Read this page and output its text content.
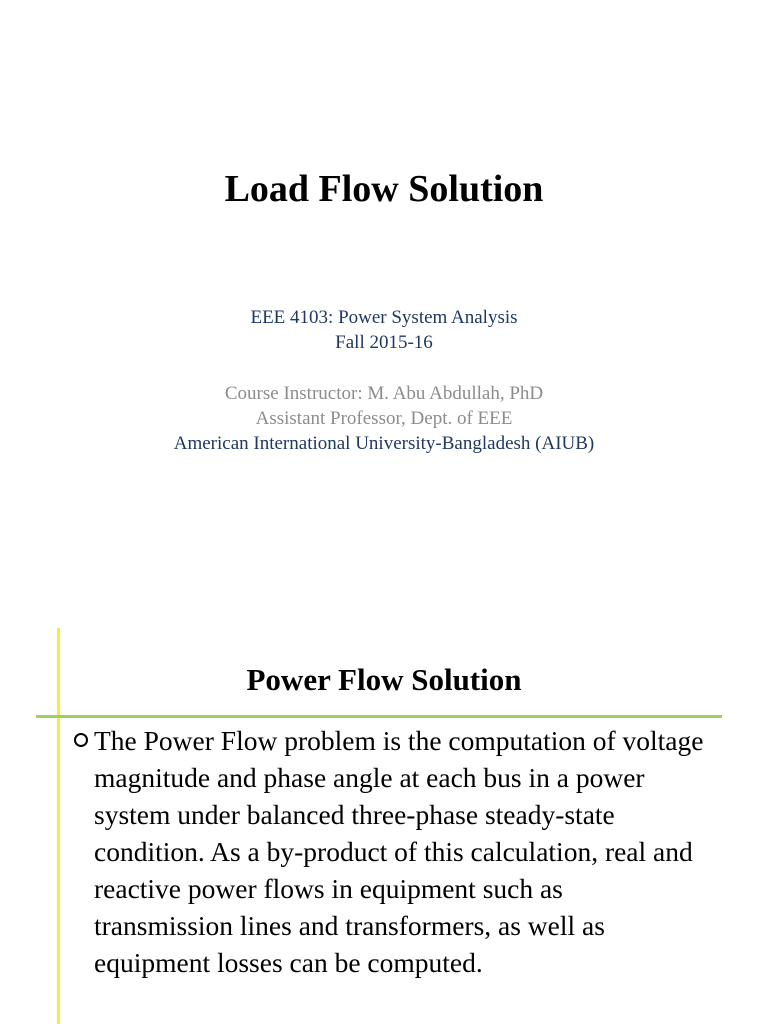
Load Flow Solution
EEE 4103: Power System Analysis
Fall 2015-16
Course Instructor: M. Abu Abdullah, PhD
Assistant Professor, Dept. of EEE
American International University-Bangladesh (AIUB)
Power Flow Solution
The Power Flow problem is the computation of voltage magnitude and phase angle at each bus in a power system under balanced three-phase steady-state condition. As a by-product of this calculation, real and reactive power flows in equipment such as transmission lines and transformers, as well as equipment losses can be computed.
